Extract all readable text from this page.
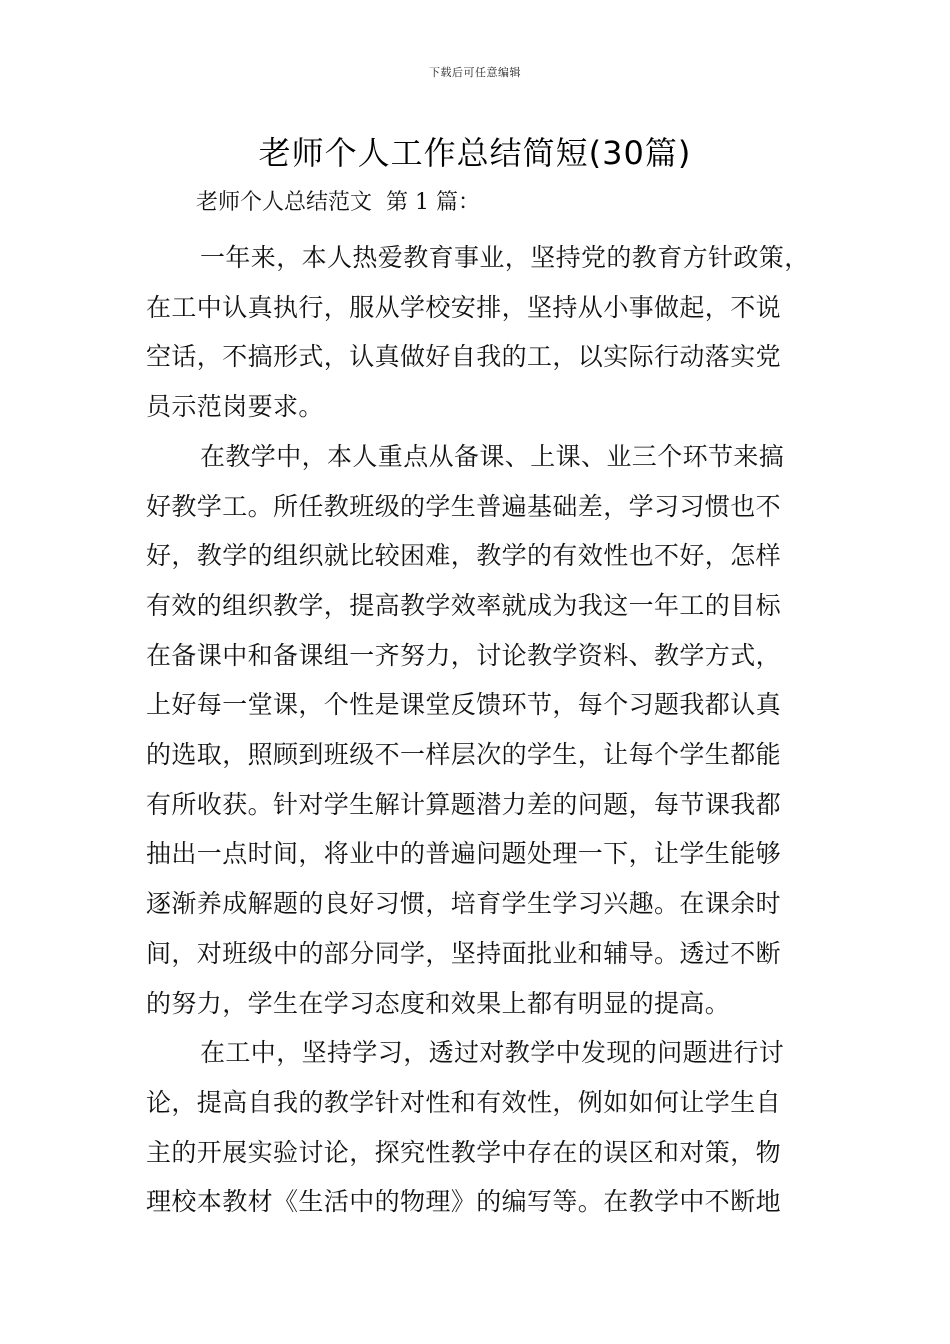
下载后可任意编辑
老师个人工作总结简短(30篇)
老师个人总结范文  第 1 篇：

一年来，本人热爱教育事业，坚持党的教育方针政策，
在工中认真执行，服从学校安排，坚持从小事做起，不说
空话，不搞形式，认真做好自我的工，以实际行动落实党
员示范岗要求。

在教学中，本人重点从备课、上课、业三个环节来搞
好教学工。所任教班级的学生普遍基础差，学习习惯也不
好，教学的组织就比较困难，教学的有效性也不好，怎样
有效的组织教学，提高教学效率就成为我这一年工的目标
在备课中和备课组一齐努力，讨论教学资料、教学方式，
上好每一堂课，个性是课堂反馈环节，每个习题我都认真
的选取，照顾到班级不一样层次的学生，让每个学生都能
有所收获。针对学生解计算题潜力差的问题，每节课我都
抽出一点时间，将业中的普遍问题处理一下，让学生能够
逐渐养成解题的良好习惯，培育学生学习兴趣。在课余时
间，对班级中的部分同学，坚持面批业和辅导。透过不断
的努力，学生在学习态度和效果上都有明显的提高。

在工中，坚持学习，透过对教学中发现的问题进行讨
论，提高自我的教学针对性和有效性，例如如何让学生自
主的开展实验讨论，探究性教学中存在的误区和对策，物
理校本教材《生活中的物理》的编写等。在教学中不断地
